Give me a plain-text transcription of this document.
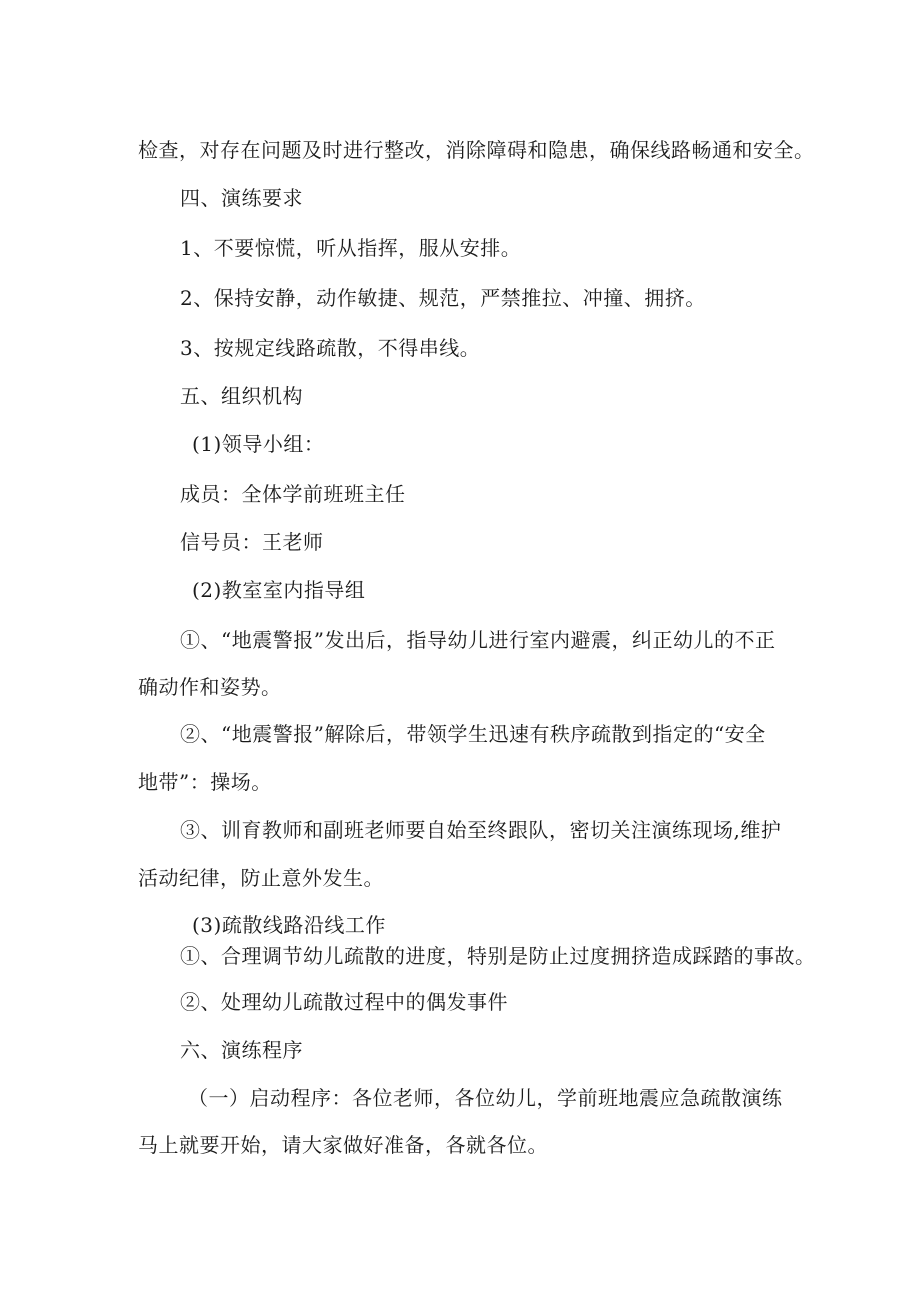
检查，对存在问题及时进行整改，消除障碍和隐患，确保线路畅通和安全。
四、演练要求
1、不要惊慌，听从指挥，服从安排。
2、保持安静，动作敏捷、规范，严禁推拉、冲撞、拥挤。
3、按规定线路疏散，不得串线。
五、组织机构
(1)领导小组：
成员：全体学前班班主任
信号员：王老师
(2)教室室内指导组
①、“地震警报”发出后，指导幼儿进行室内避震，纠正幼儿的不正
确动作和姿势。
②、“地震警报”解除后，带领学生迅速有秩序疏散到指定的“安全
地带”：操场。
③、训育教师和副班老师要自始至终跟队，密切关注演练现场,维护
活动纪律，防止意外发生。
(3)疏散线路沿线工作
①、合理调节幼儿疏散的进度，特别是防止过度拥挤造成踩踏的事故。
②、处理幼儿疏散过程中的偶发事件
六、演练程序
（一）启动程序：各位老师，各位幼儿，学前班地震应急疏散演练
马上就要开始，请大家做好准备，各就各位。
